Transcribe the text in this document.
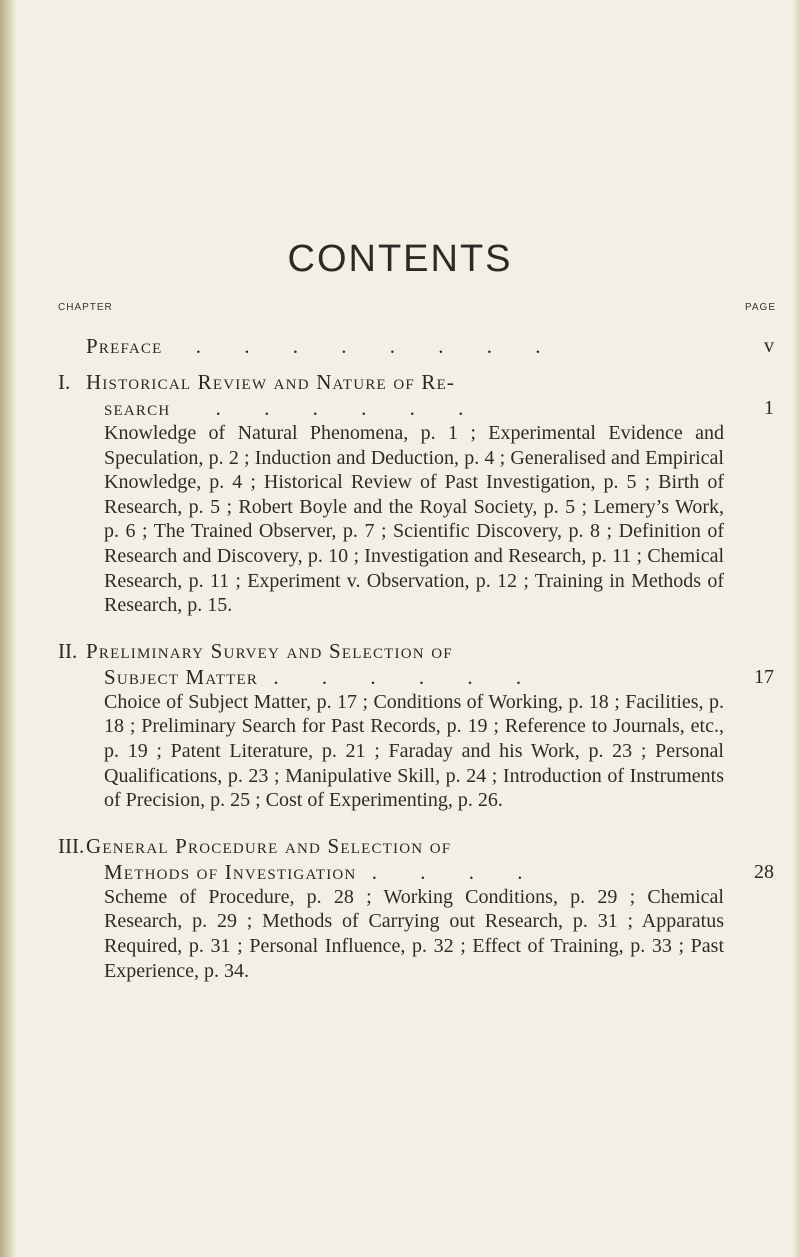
CONTENTS
CHAPTER	PAGE
Preface . . . . . . . .	v
I. Historical Review and Nature of Re-
search . . . . . .	1
Knowledge of Natural Phenomena, p. 1 ; Experimental Evidence and Speculation, p. 2 ; Induction and Deduction, p. 4 ; Generalised and Empirical Knowledge, p. 4 ; Historical Review of Past Investigation, p. 5 ; Birth of Research, p. 5 ; Robert Boyle and the Royal Society, p. 5 ; Lemery’s Work, p. 6 ; The Trained Observer, p. 7 ; Scientific Discovery, p. 8 ; Definition of Research and Discovery, p. 10 ; Investigation and Research, p. 11 ; Chemical Research, p. 11 ; Experiment v. Observation, p. 12 ; Training in Methods of Research, p. 15.
II. Preliminary Survey and Selection of
Subject Matter . . . . . .	17
Choice of Subject Matter, p. 17 ; Conditions of Working, p. 18 ; Facilities, p. 18 ; Preliminary Search for Past Records, p. 19 ; Reference to Journals, etc., p. 19 ; Patent Literature, p. 21 ; Faraday and his Work, p. 23 ; Personal Qualifications, p. 23 ; Manipulative Skill, p. 24 ; Introduction of Instruments of Precision, p. 25 ; Cost of Experimenting, p. 26.
III. General Procedure and Selection of
Methods of Investigation . . . .	28
Scheme of Procedure, p. 28 ; Working Conditions, p. 29 ; Chemical Research, p. 29 ; Methods of Carrying out Research, p. 31 ; Apparatus Required, p. 31 ; Personal Influence, p. 32 ; Effect of Training, p. 33 ; Past Experience, p. 34.
